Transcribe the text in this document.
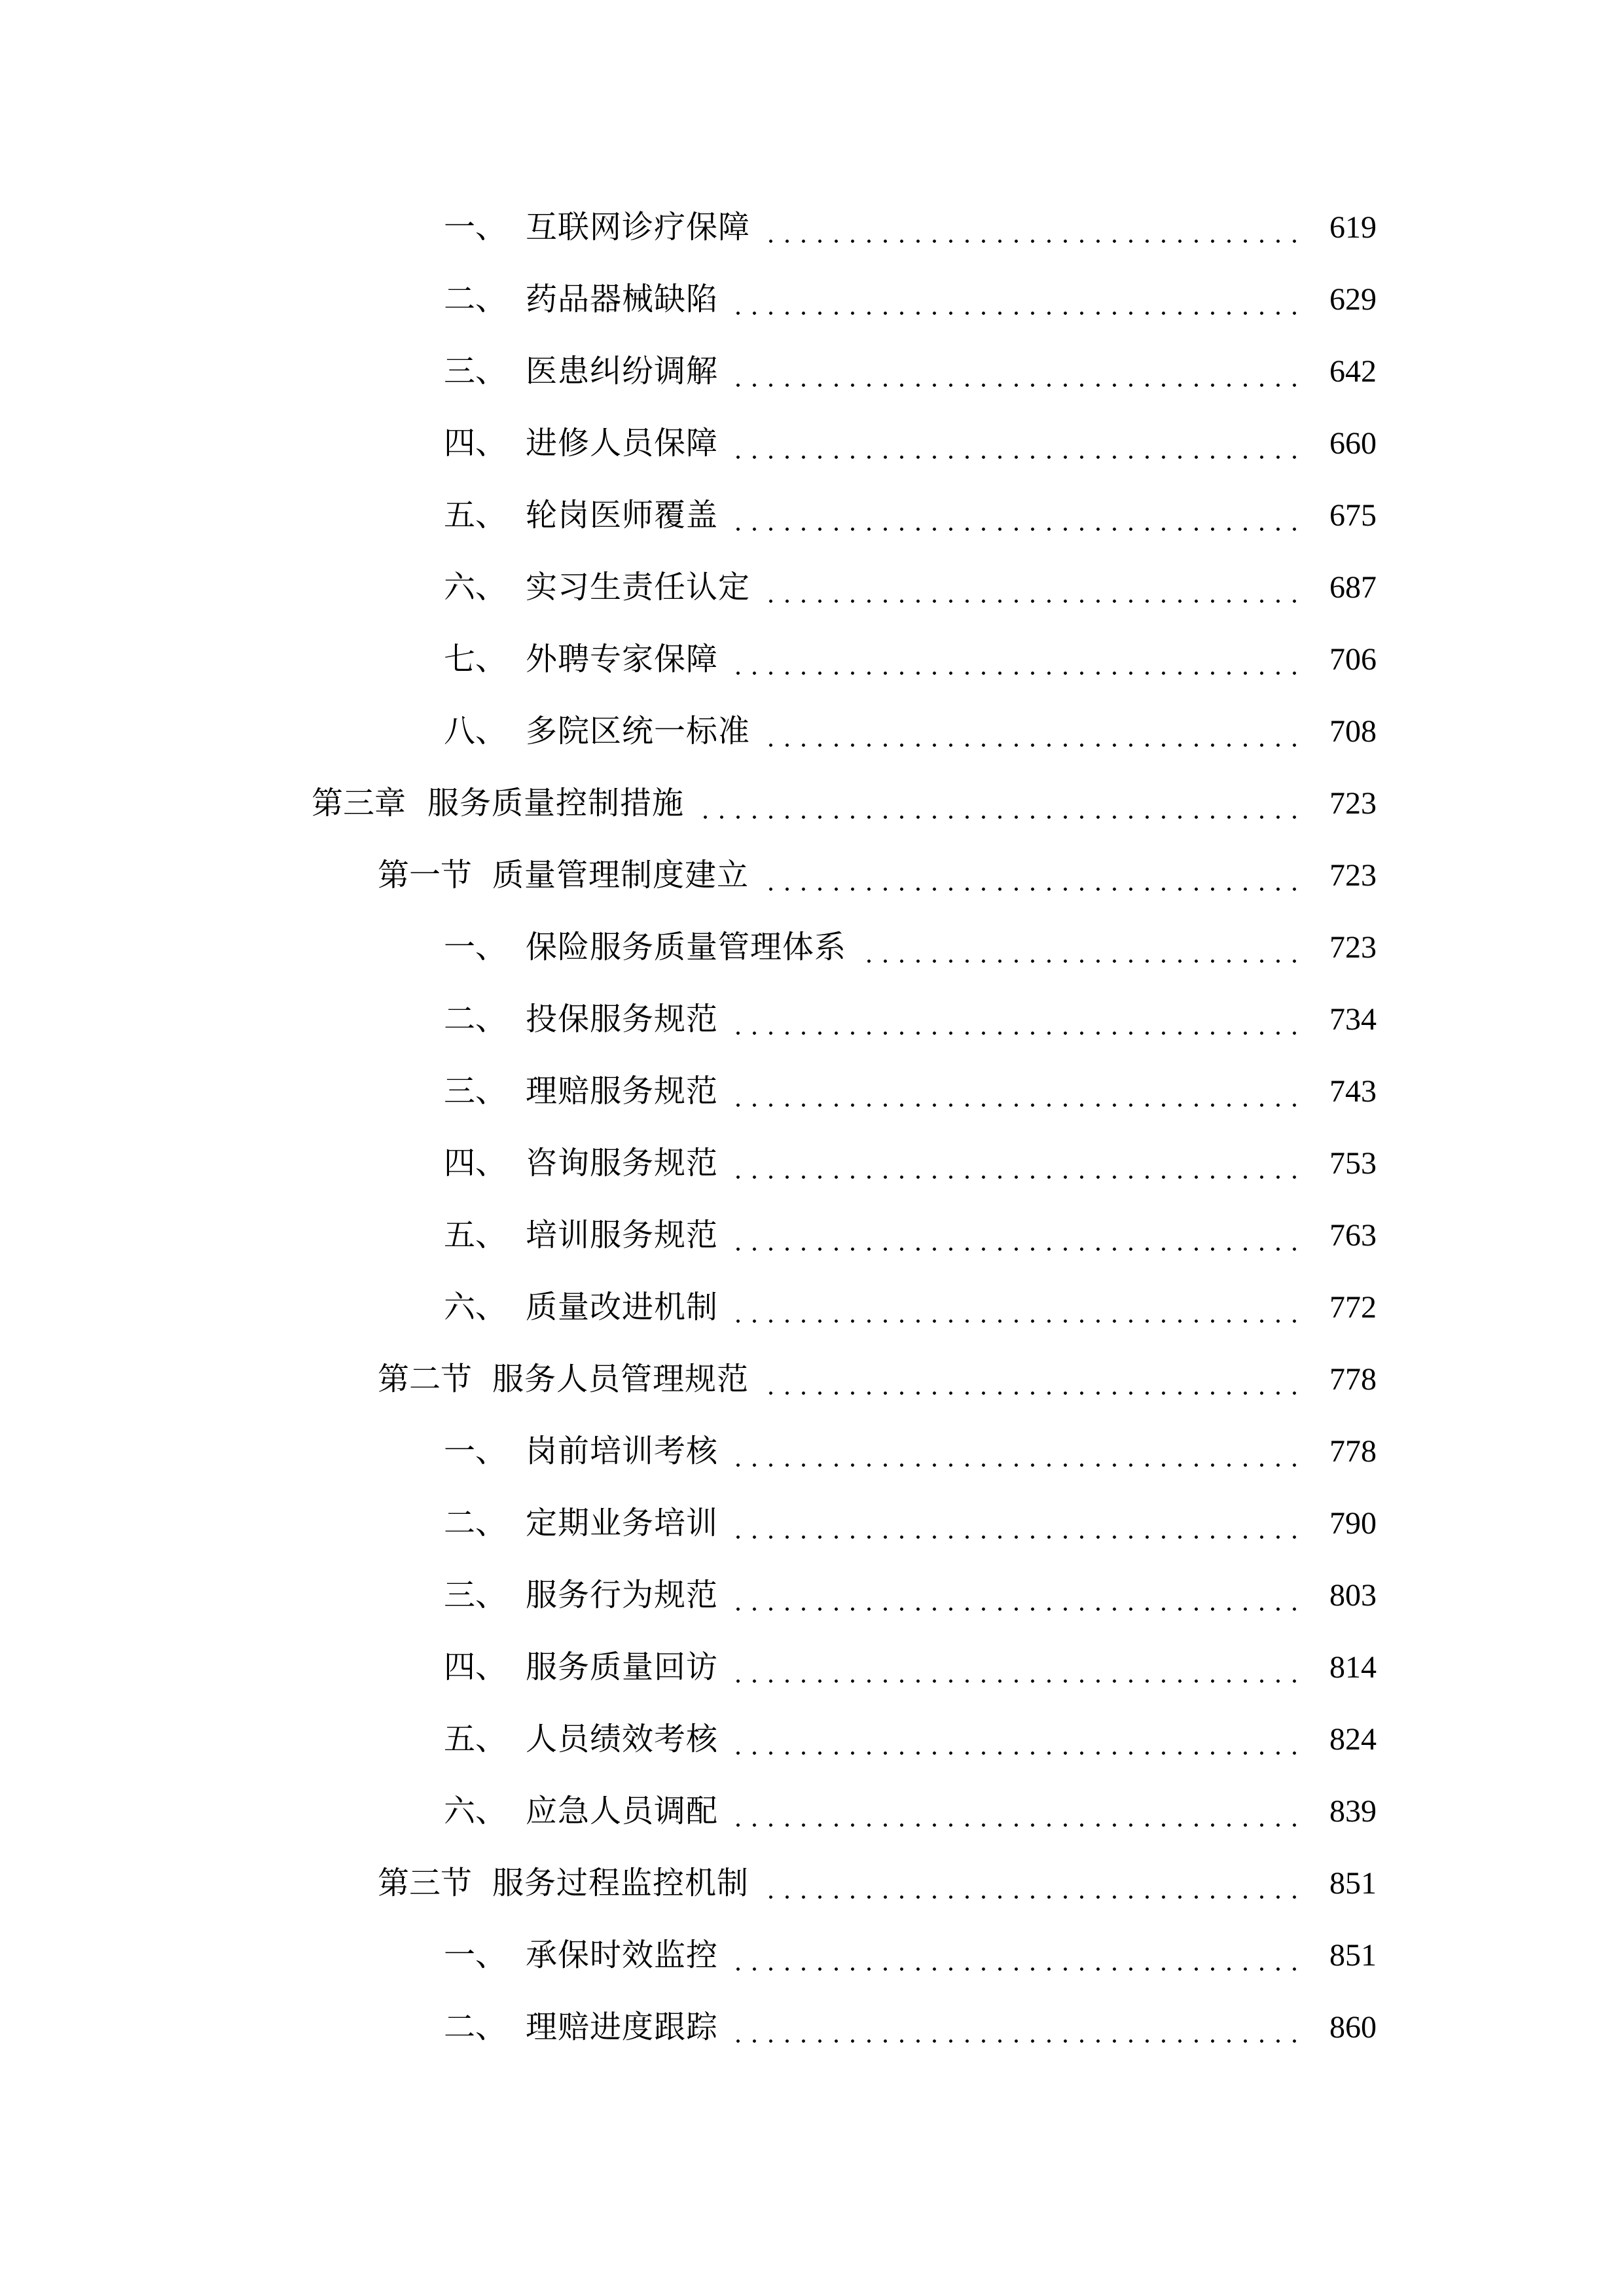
一、 互联网诊疗保障	619
二、 药品器械缺陷	629
三、 医患纠纷调解	642
四、 进修人员保障	660
五、 轮岗医师覆盖	675
六、 实习生责任认定	687
七、 外聘专家保障	706
八、 多院区统一标准	708
第三章 服务质量控制措施	723
第一节 质量管理制度建立	723
一、 保险服务质量管理体系	723
二、 投保服务规范	734
三、 理赔服务规范	743
四、 咨询服务规范	753
五、 培训服务规范	763
六、 质量改进机制	772
第二节 服务人员管理规范	778
一、 岗前培训考核	778
二、 定期业务培训	790
三、 服务行为规范	803
四、 服务质量回访	814
五、 人员绩效考核	824
六、 应急人员调配	839
第三节 服务过程监控机制	851
一、 承保时效监控	851
二、 理赔进度跟踪	860
